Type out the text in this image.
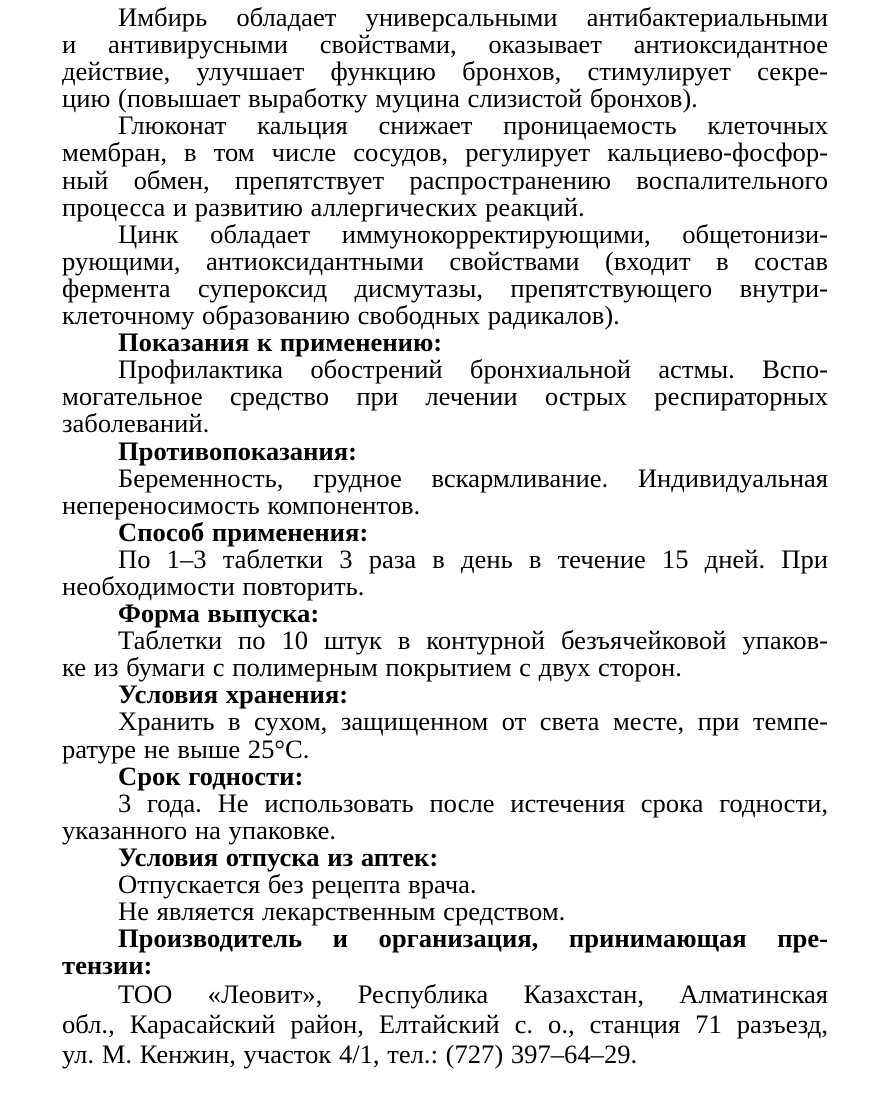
Имбирь обладает универсальными антибактериальными
и антивирусными свойствами, оказывает антиоксидантное
действие, улучшает функцию бронхов, стимулирует секре-
цию (повышает выработку муцина слизистой бронхов).

Глюконат кальция снижает проницаемость клеточных
мембран, в том числе сосудов, регулирует кальциево-фосфор-
ный обмен, препятствует распространению воспалительного
процесса и развитию аллергических реакций.

Цинк обладает иммунокорректирующими, общетонизи-
рующими, антиоксидантными свойствами (входит в состав
фермента супероксид дисмутазы, препятствующего внутри-
клеточному образованию свободных радикалов).

Показания к применению:

Профилактика обострений бронхиальной астмы. Вспо-
могательное средство при лечении острых респираторных
заболеваний.

Противопоказания:

Беременность, грудное вскармливание. Индивидуальная
непереносимость компонентов.

Способ применения:

По 1–3 таблетки 3 раза в день в течение 15 дней. При
необходимости повторить.

Форма выпуска:

Таблетки по 10 штук в контурной безъячейковой упаков-
ке из бумаги с полимерным покрытием с двух сторон.

Условия хранения:

Хранить в сухом, защищенном от света месте, при темпе-
ратуре не выше 25°С.

Срок годности:

3 года. Не использовать после истечения срока годности,
указанного на упаковке.

Условия отпуска из аптек:

Отпускается без рецепта врача.

Не является лекарственным средством.

Производитель и организация, принимающая пре-
тензии:

ТОО «Леовит», Республика Казахстан, Алматинская
обл., Карасайский район, Елтайский с. о., станция 71 разъезд,
ул. М. Кенжин, участок 4/1, тел.: (727) 397–64–29.
